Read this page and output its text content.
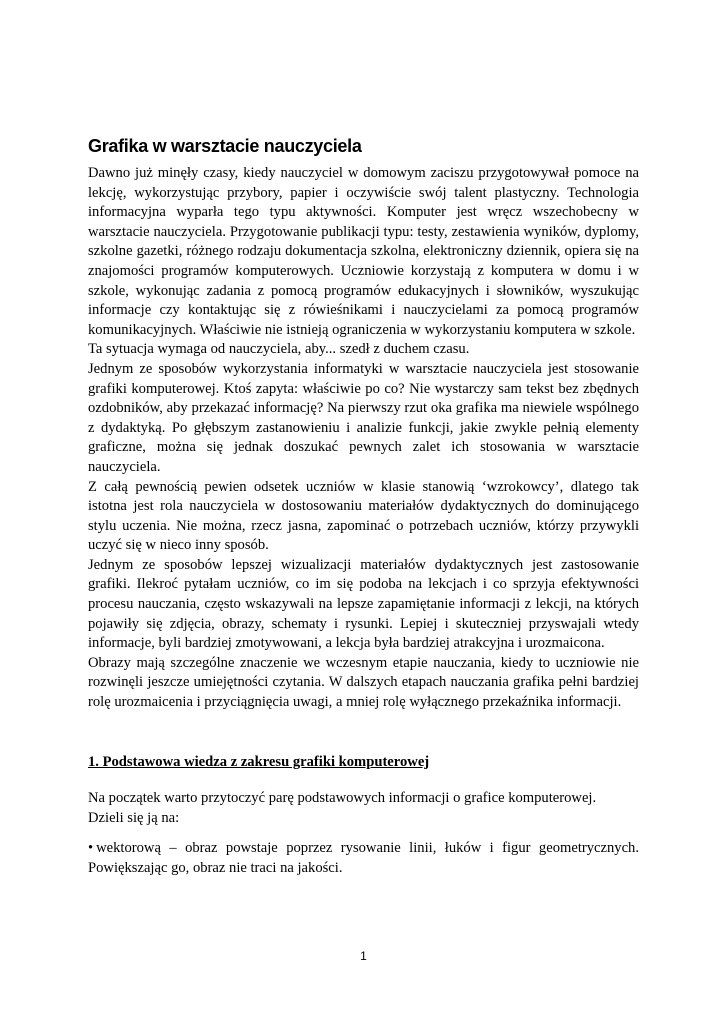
Grafika w warsztacie nauczyciela

Dawno już minęły czasy, kiedy nauczyciel w domowym zaciszu przygotowywał pomoce na lekcję, wykorzystując przybory, papier i oczywiście swój talent plastyczny. Technologia informacyjna wyparła tego typu aktywności. Komputer jest wręcz wszechobecny w warsztacie nauczyciela. Przygotowanie publikacji typu: testy, zestawienia wyników, dyplomy, szkolne gazetki, różnego rodzaju dokumentacja szkolna, elektroniczny dziennik, opiera się na znajomości programów komputerowych. Uczniowie korzystają z komputera w domu i w szkole, wykonując zadania z pomocą programów edukacyjnych i słowników, wyszukując informacje czy kontaktując się z rówieśnikami i nauczycielami za pomocą programów komunikacyjnych. Właściwie nie istnieją ograniczenia w wykorzystaniu komputera w szkole.

Ta sytuacja wymaga od nauczyciela, aby... szedł z duchem czasu.

Jednym ze sposobów wykorzystania informatyki w warsztacie nauczyciela jest stosowanie grafiki komputerowej. Ktoś zapyta: właściwie po co? Nie wystarczy sam tekst bez zbędnych ozdobników, aby przekazać informację? Na pierwszy rzut oka grafika ma niewiele wspólnego z dydaktyką. Po głębszym zastanowieniu i analizie funkcji, jakie zwykle pełnią elementy graficzne, można się jednak doszukać pewnych zalet ich stosowania w warsztacie nauczyciela.

Z całą pewnością pewien odsetek uczniów w klasie stanowią ‘wzrokowcy’, dlatego tak istotna jest rola nauczyciela w dostosowaniu materiałów dydaktycznych do dominującego stylu uczenia. Nie można, rzecz jasna, zapominać o potrzebach uczniów, którzy przywykli uczyć się w nieco inny sposób.

Jednym ze sposobów lepszej wizualizacji materiałów dydaktycznych jest zastosowanie grafiki. Ilekroć pytałam uczniów, co im się podoba na lekcjach i co sprzyja efektywności procesu nauczania, często wskazywali na lepsze zapamiętanie informacji z lekcji, na których pojawiły się zdjęcia, obrazy, schematy i rysunki. Lepiej i skuteczniej przyswajali wtedy informacje, byli bardziej zmotywowani, a lekcja była bardziej atrakcyjna i urozmaicona.

Obrazy mają szczególne znaczenie we wczesnym etapie nauczania, kiedy to uczniowie nie rozwinęli jeszcze umiejętności czytania. W dalszych etapach nauczania grafika pełni bardziej rolę urozmaicenia i przyciągnięcia uwagi, a mniej rolę wyłącznego przekaźnika informacji.

1. Podstawowa wiedza z zakresu grafiki komputerowej

Na początek warto przytoczyć parę podstawowych informacji o grafice komputerowej.

Dzieli się ją na:

• wektorową – obraz powstaje poprzez rysowanie linii, łuków i figur geometrycznych. Powiększając go, obraz nie traci na jakości.

1
